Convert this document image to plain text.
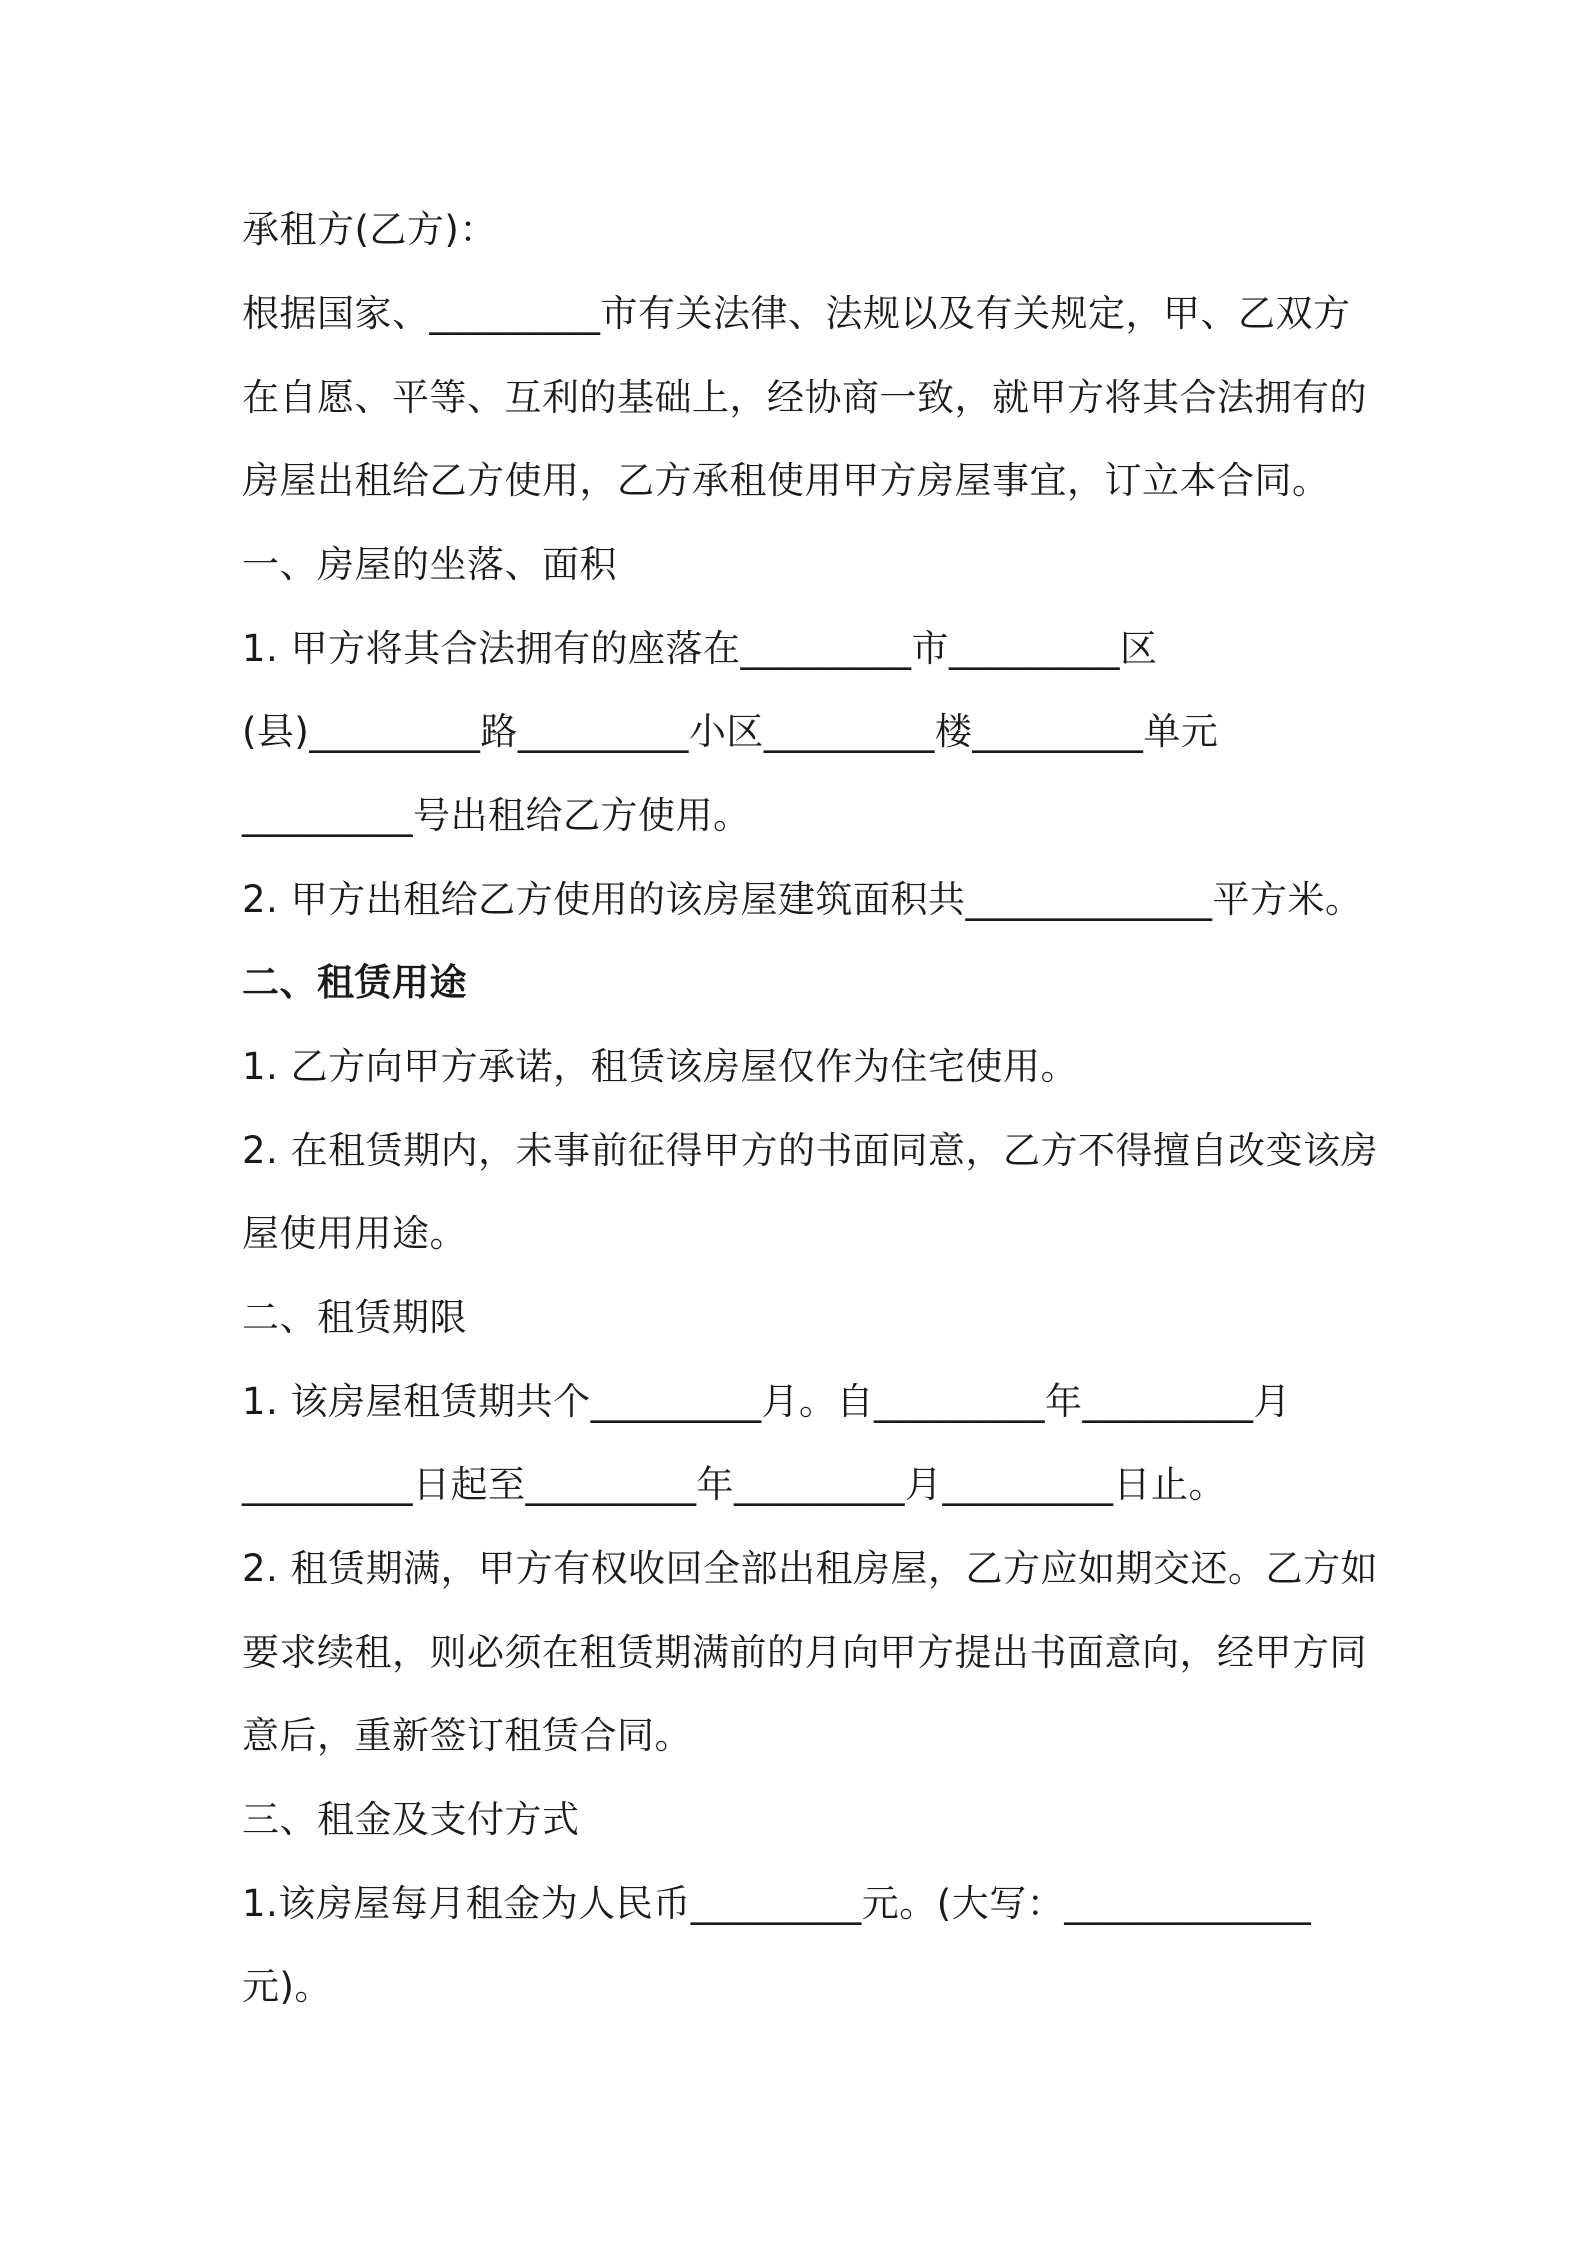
承租方(乙方)：
根据国家、_________市有关法律、法规以及有关规定，甲、乙双方
在自愿、平等、互利的基础上，经协商一致，就甲方将其合法拥有的
房屋出租给乙方使用，乙方承租使用甲方房屋事宜，订立本合同。
一、房屋的坐落、面积
1. 甲方将其合法拥有的座落在_________市_________区
(县)_________路_________小区_________楼_________单元
_________号出租给乙方使用。
2. 甲方出租给乙方使用的该房屋建筑面积共_____________平方米。
二、租赁用途
1. 乙方向甲方承诺，租赁该房屋仅作为住宅使用。
2. 在租赁期内，未事前征得甲方的书面同意，乙方不得擅自改变该房
屋使用用途。
二、租赁期限
1. 该房屋租赁期共个_________月。自_________年_________月
_________日起至_________年_________月_________日止。
2. 租赁期满，甲方有权收回全部出租房屋，乙方应如期交还。乙方如
要求续租，则必须在租赁期满前的月向甲方提出书面意向，经甲方同
意后，重新签订租赁合同。
三、租金及支付方式
1.该房屋每月租金为人民币_________元。(大写：_____________
元)。
